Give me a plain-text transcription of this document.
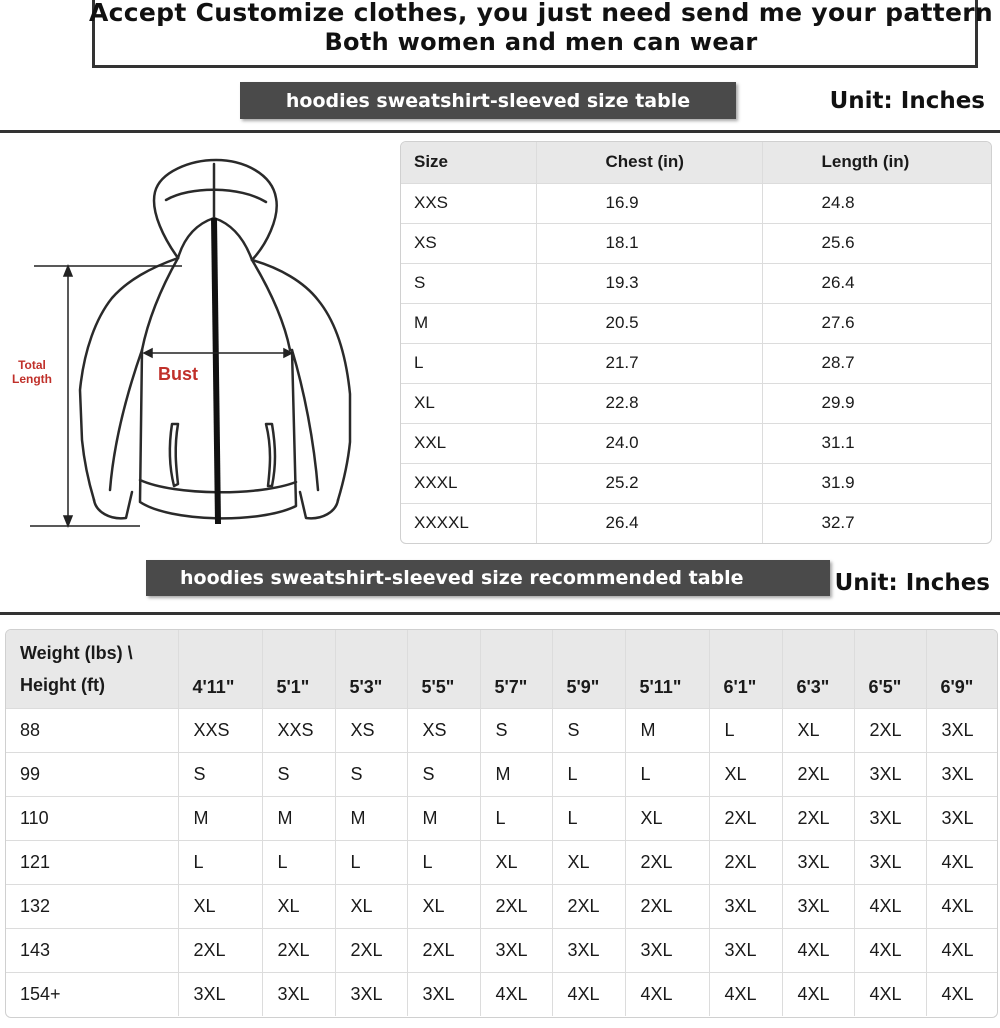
Accept Customize clothes, you just need send me your pattern
Both women and men can wear
hoodies sweatshirt-sleeved size table	Unit: Inches
Total Length	Bust
Size	Chest (in)	Length (in)
XXS	16.9	24.8
XS	18.1	25.6
S	19.3	26.4
M	20.5	27.6
L	21.7	28.7
XL	22.8	29.9
XXL	24.0	31.1
XXXL	25.2	31.9
XXXXL	26.4	32.7
hoodies sweatshirt-sleeved size recommended table	Unit: Inches
Weight (lbs) \
Height (ft)	4'11"	5'1"	5'3"	5'5"	5'7"	5'9"	5'11"	6'1"	6'3"	6'5"	6'9"
88	XXS	XXS	XS	XS	S	S	M	L	XL	2XL	3XL
99	S	S	S	S	M	L	L	XL	2XL	3XL	3XL
110	M	M	M	M	L	L	XL	2XL	2XL	3XL	3XL
121	L	L	L	L	XL	XL	2XL	2XL	3XL	3XL	4XL
132	XL	XL	XL	XL	2XL	2XL	2XL	3XL	3XL	4XL	4XL
143	2XL	2XL	2XL	2XL	3XL	3XL	3XL	3XL	4XL	4XL	4XL
154+	3XL	3XL	3XL	3XL	4XL	4XL	4XL	4XL	4XL	4XL	4XL
